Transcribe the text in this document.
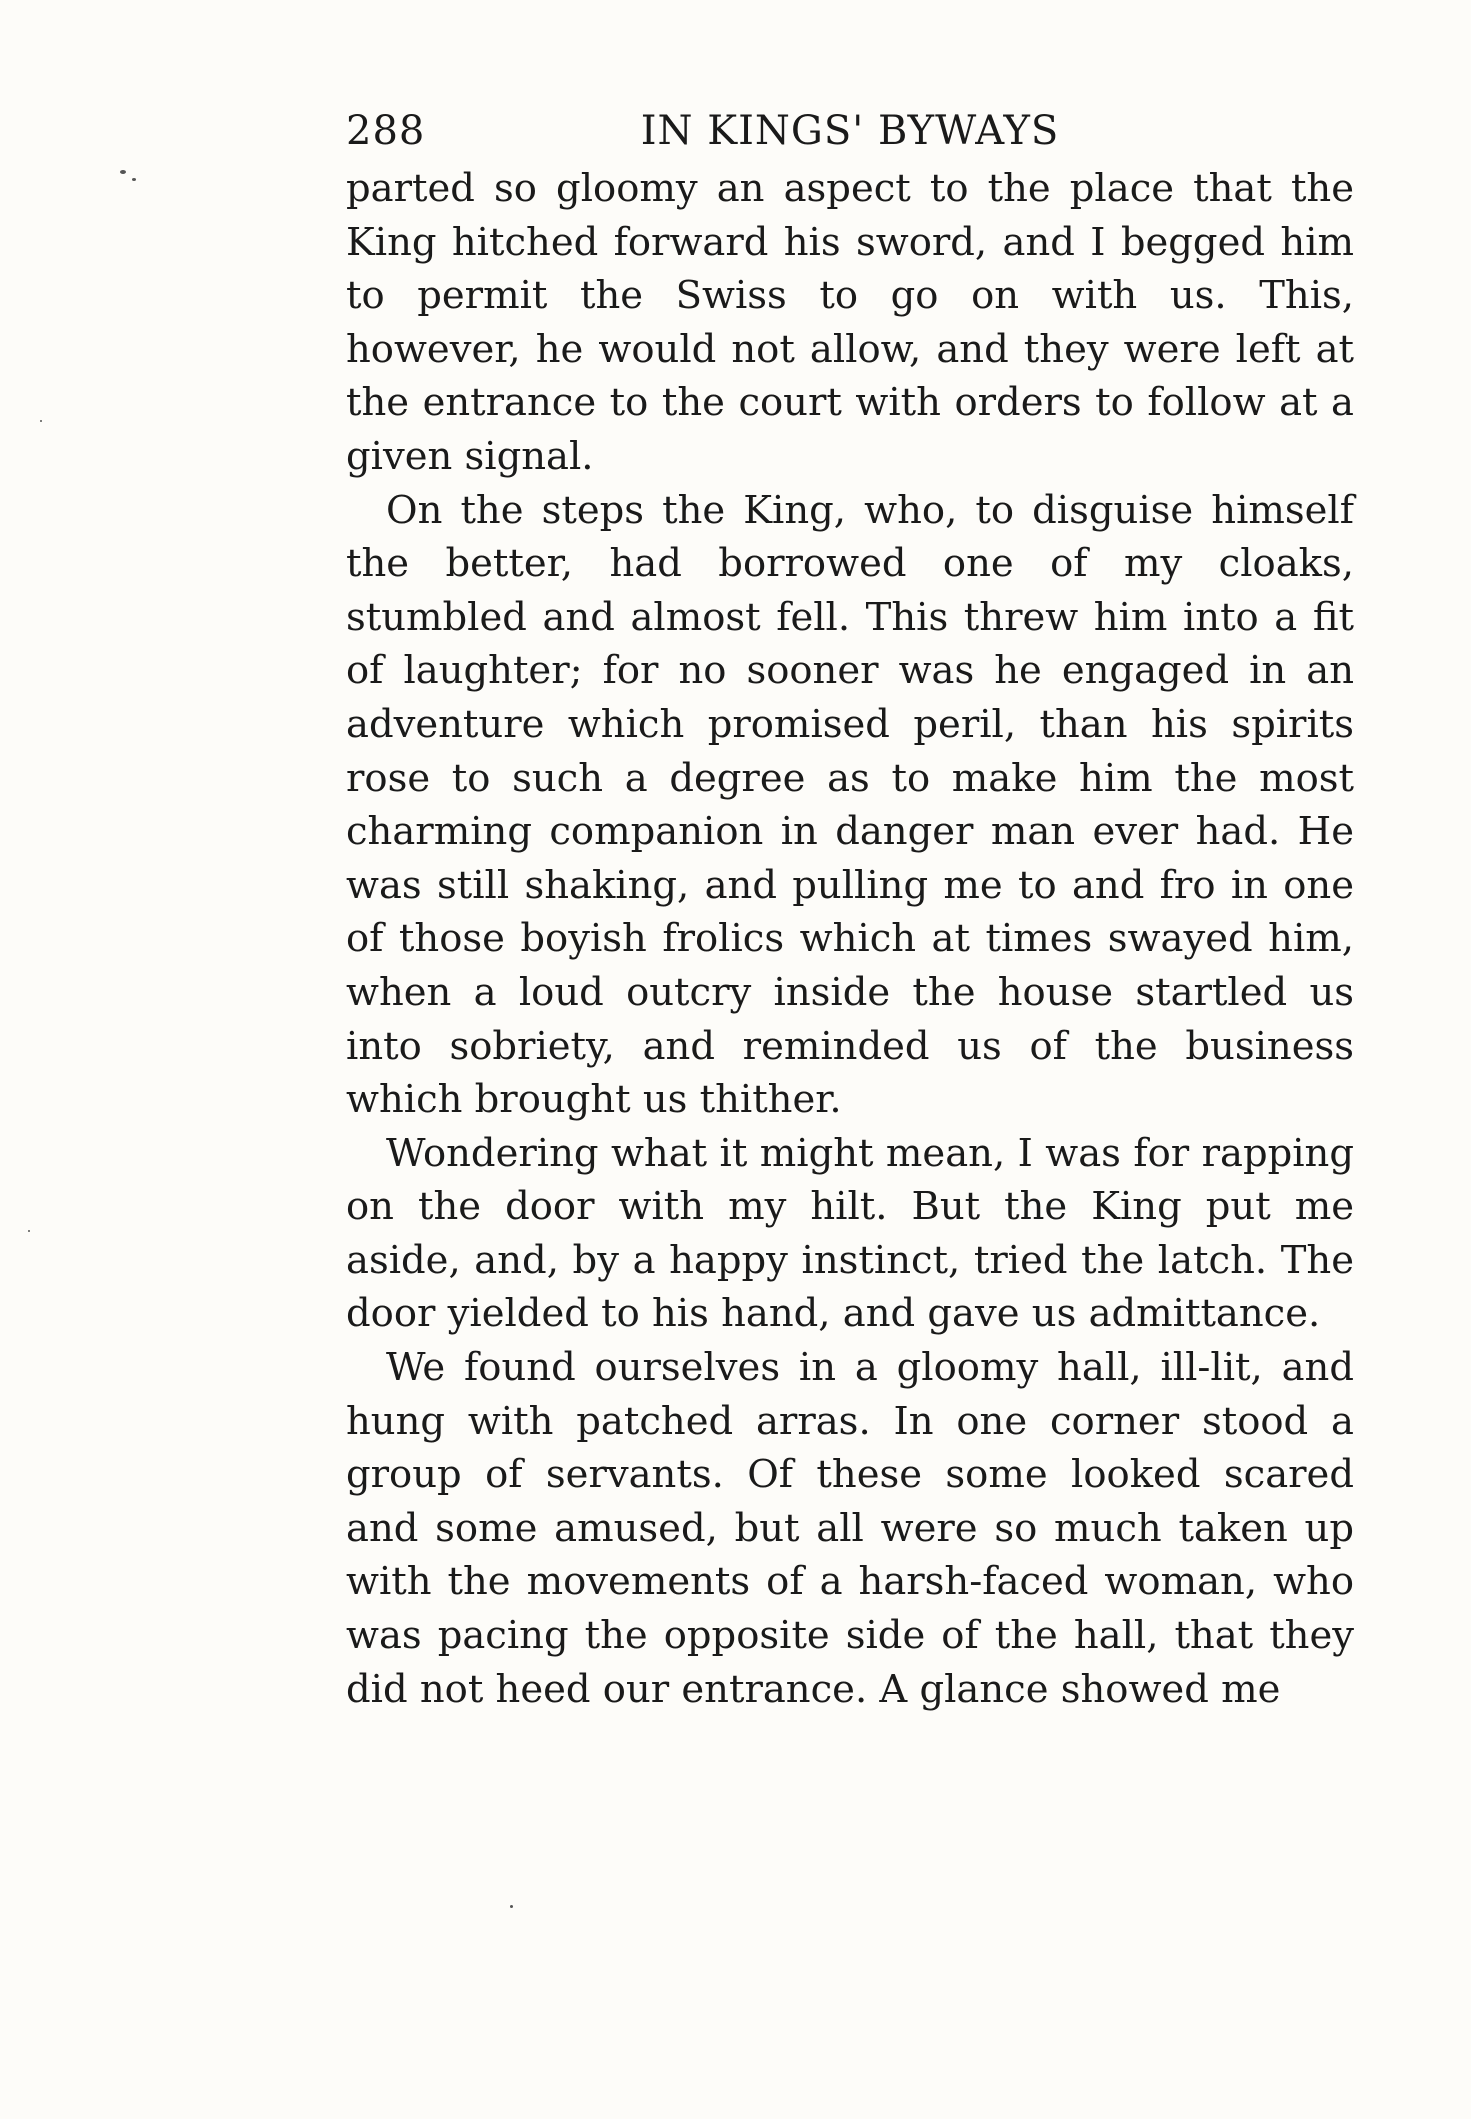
288	IN KINGS' BYWAYS

parted so gloomy an aspect to the place that the King hitched forward his sword, and I begged him to permit the Swiss to go on with us. This, however, he would not allow, and they were left at the entrance to the court with orders to follow at a given signal.

On the steps the King, who, to disguise himself the better, had borrowed one of my cloaks, stumbled and almost fell. This threw him into a fit of laughter; for no sooner was he engaged in an adventure which promised peril, than his spirits rose to such a degree as to make him the most charming companion in danger man ever had. He was still shaking, and pulling me to and fro in one of those boyish frolics which at times swayed him, when a loud outcry inside the house startled us into sobriety, and reminded us of the business which brought us thither.

Wondering what it might mean, I was for rapping on the door with my hilt. But the King put me aside, and, by a happy instinct, tried the latch. The door yielded to his hand, and gave us admittance.

We found ourselves in a gloomy hall, ill-lit, and hung with patched arras. In one corner stood a group of servants. Of these some looked scared and some amused, but all were so much taken up with the movements of a harsh-faced woman, who was pacing the opposite side of the hall, that they did not heed our entrance. A glance showed me
